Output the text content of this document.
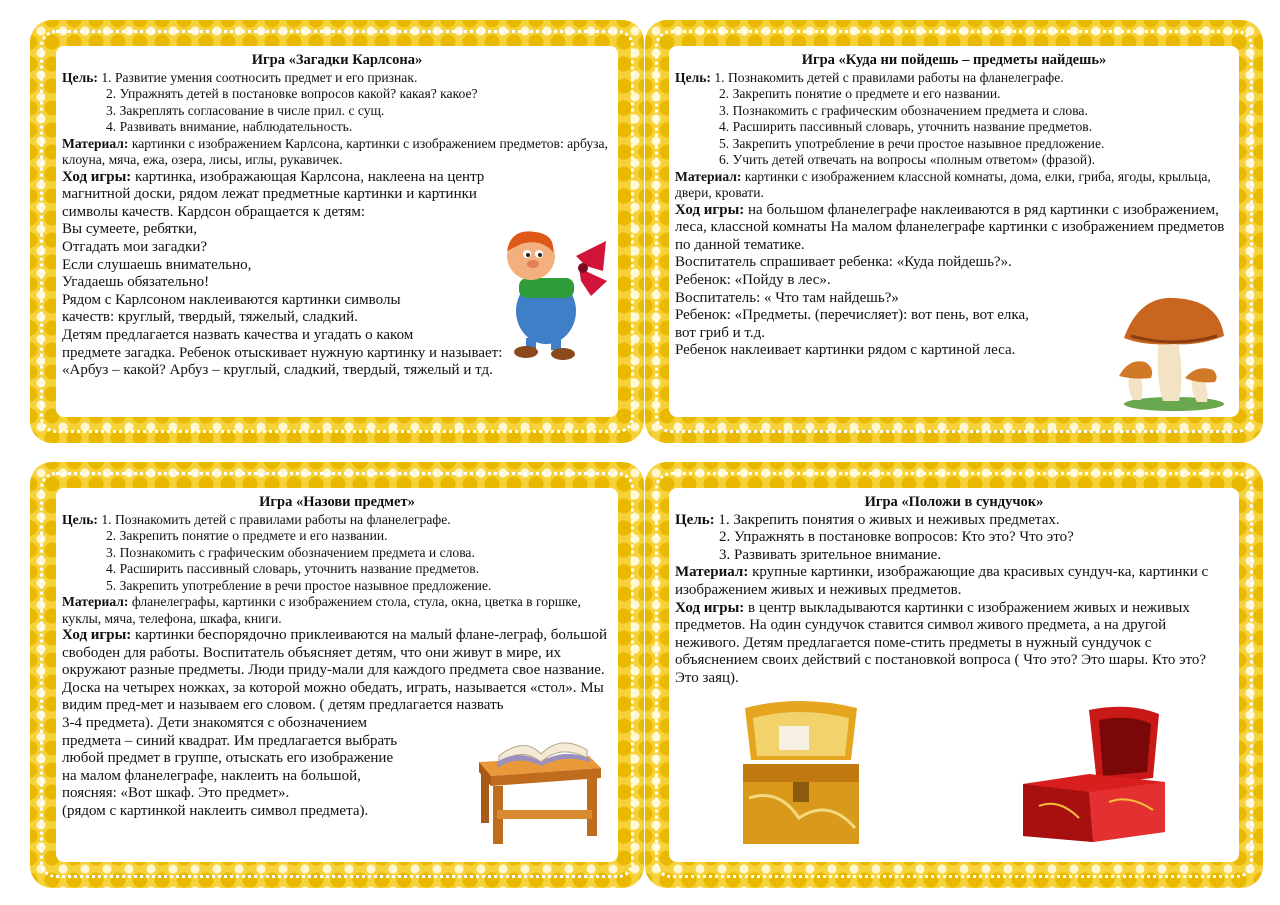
Игра «Загадки Карлсона»
Цель: 1. Развитие умения соотносить предмет и его признак.
2. Упражнять детей в постановке вопросов какой? какая? какое?
3. Закреплять согласование в числе прил. с сущ.
4. Развивать внимание, наблюдательность.
Материал: картинки с изображением Карлсона, картинки с изображением предметов: арбуза, клоуна, мяча, ежа, озера, лисы, иглы, рукавичек.
Ход игры: картинка, изображающая Карлсона, наклеена на центр магнитной доски, рядом лежат предметные картинки и картинки символы качеств. Кардсон обращается к детям:
Вы сумеете, ребятки,
Отгадать мои загадки?
Если слушаешь внимательно,
Угадаешь обязательно!
Рядом с Карлсоном наклеиваются картинки символы
качеств: круглый, твердый, тяжелый, сладкий.
Детям предлагается назвать качества и угадать о каком
предмете загадка. Ребенок отыскивает нужную картинку и называет:
«Арбуз – какой? Арбуз – круглый, сладкий, твердый, тяжелый и тд.
Игра «Куда ни пойдешь – предметы найдешь»
Цель: 1. Познакомить детей с правилами работы на фланелеграфе.
2. Закрепить понятие о предмете и его названии.
3. Познакомить с графическим обозначением предмета и слова.
4. Расширить пассивный словарь, уточнить название предметов.
5. Закрепить употребление в речи простое назывное предложение.
6. Учить детей отвечать на вопросы «полным ответом» (фразой).
Материал: картинки с изображением классной комнаты, дома, елки, гриба, ягоды, крыльца, двери, кровати.
Ход игры: на большом фланелеграфе наклеиваются в ряд картинки с изображением, леса, классной комнаты На малом фланелеграфе картинки с изображением предметов по данной тематике.
Воспитатель спрашивает ребенка: «Куда пойдешь?».
Ребенок: «Пойду в лес».
Воспитатель: « Что там найдешь?»
Ребенок: «Предметы. (перечисляет): вот пень, вот елка,
вот гриб и т.д.
Ребенок наклеивает картинки рядом с картиной леса.
Игра «Назови предмет»
Цель: 1. Познакомить детей с правилами работы на фланелеграфе.
2. Закрепить понятие о предмете и его названии.
3. Познакомить с графическим обозначением предмета и слова.
4. Расширить пассивный словарь, уточнить название предметов.
5. Закрепить употребление в речи простое назывное предложение.
Материал: фланелеграфы, картинки с изображением стола, стула, окна, цветка в горшке, куклы, мяча, телефона, шкафа, книги.
Ход игры: картинки беспорядочно приклеиваются на малый флане-леграф, большой свободен для работы. Воспитатель объясняет детям, что они живут в мире, их окружают разные предметы. Люди приду-мали для каждого предмета свое название. Доска на четырех ножках, за которой можно обедать, играть, называется «стол». Мы видим пред-мет и называем его словом. ( детям предлагается назвать
3-4 предмета). Дети знакомятся с обозначением
предмета – синий квадрат. Им предлагается выбрать
любой предмет в группе, отыскать его изображение
на малом фланелеграфе, наклеить на большой,
поясняя: «Вот шкаф. Это предмет».
(рядом с картинкой наклеить символ предмета).
Игра «Положи в сундучок»
Цель: 1. Закрепить понятия о живых и неживых предметах.
2. Упражнять в постановке вопросов: Кто это? Что это?
3. Развивать зрительное внимание.
Материал: крупные картинки, изображающие два красивых сундуч-ка, картинки с изображением живых и неживых предметов.
Ход игры: в центр выкладываются картинки с изображением живых и неживых предметов. На один сундучок ставится символ живого предмета, а на другой неживого. Детям предлагается поме-стить предметы в нужный сундучок с объяснением своих действий с постановкой вопроса ( Что это? Это шары. Кто это? Это заяц).
